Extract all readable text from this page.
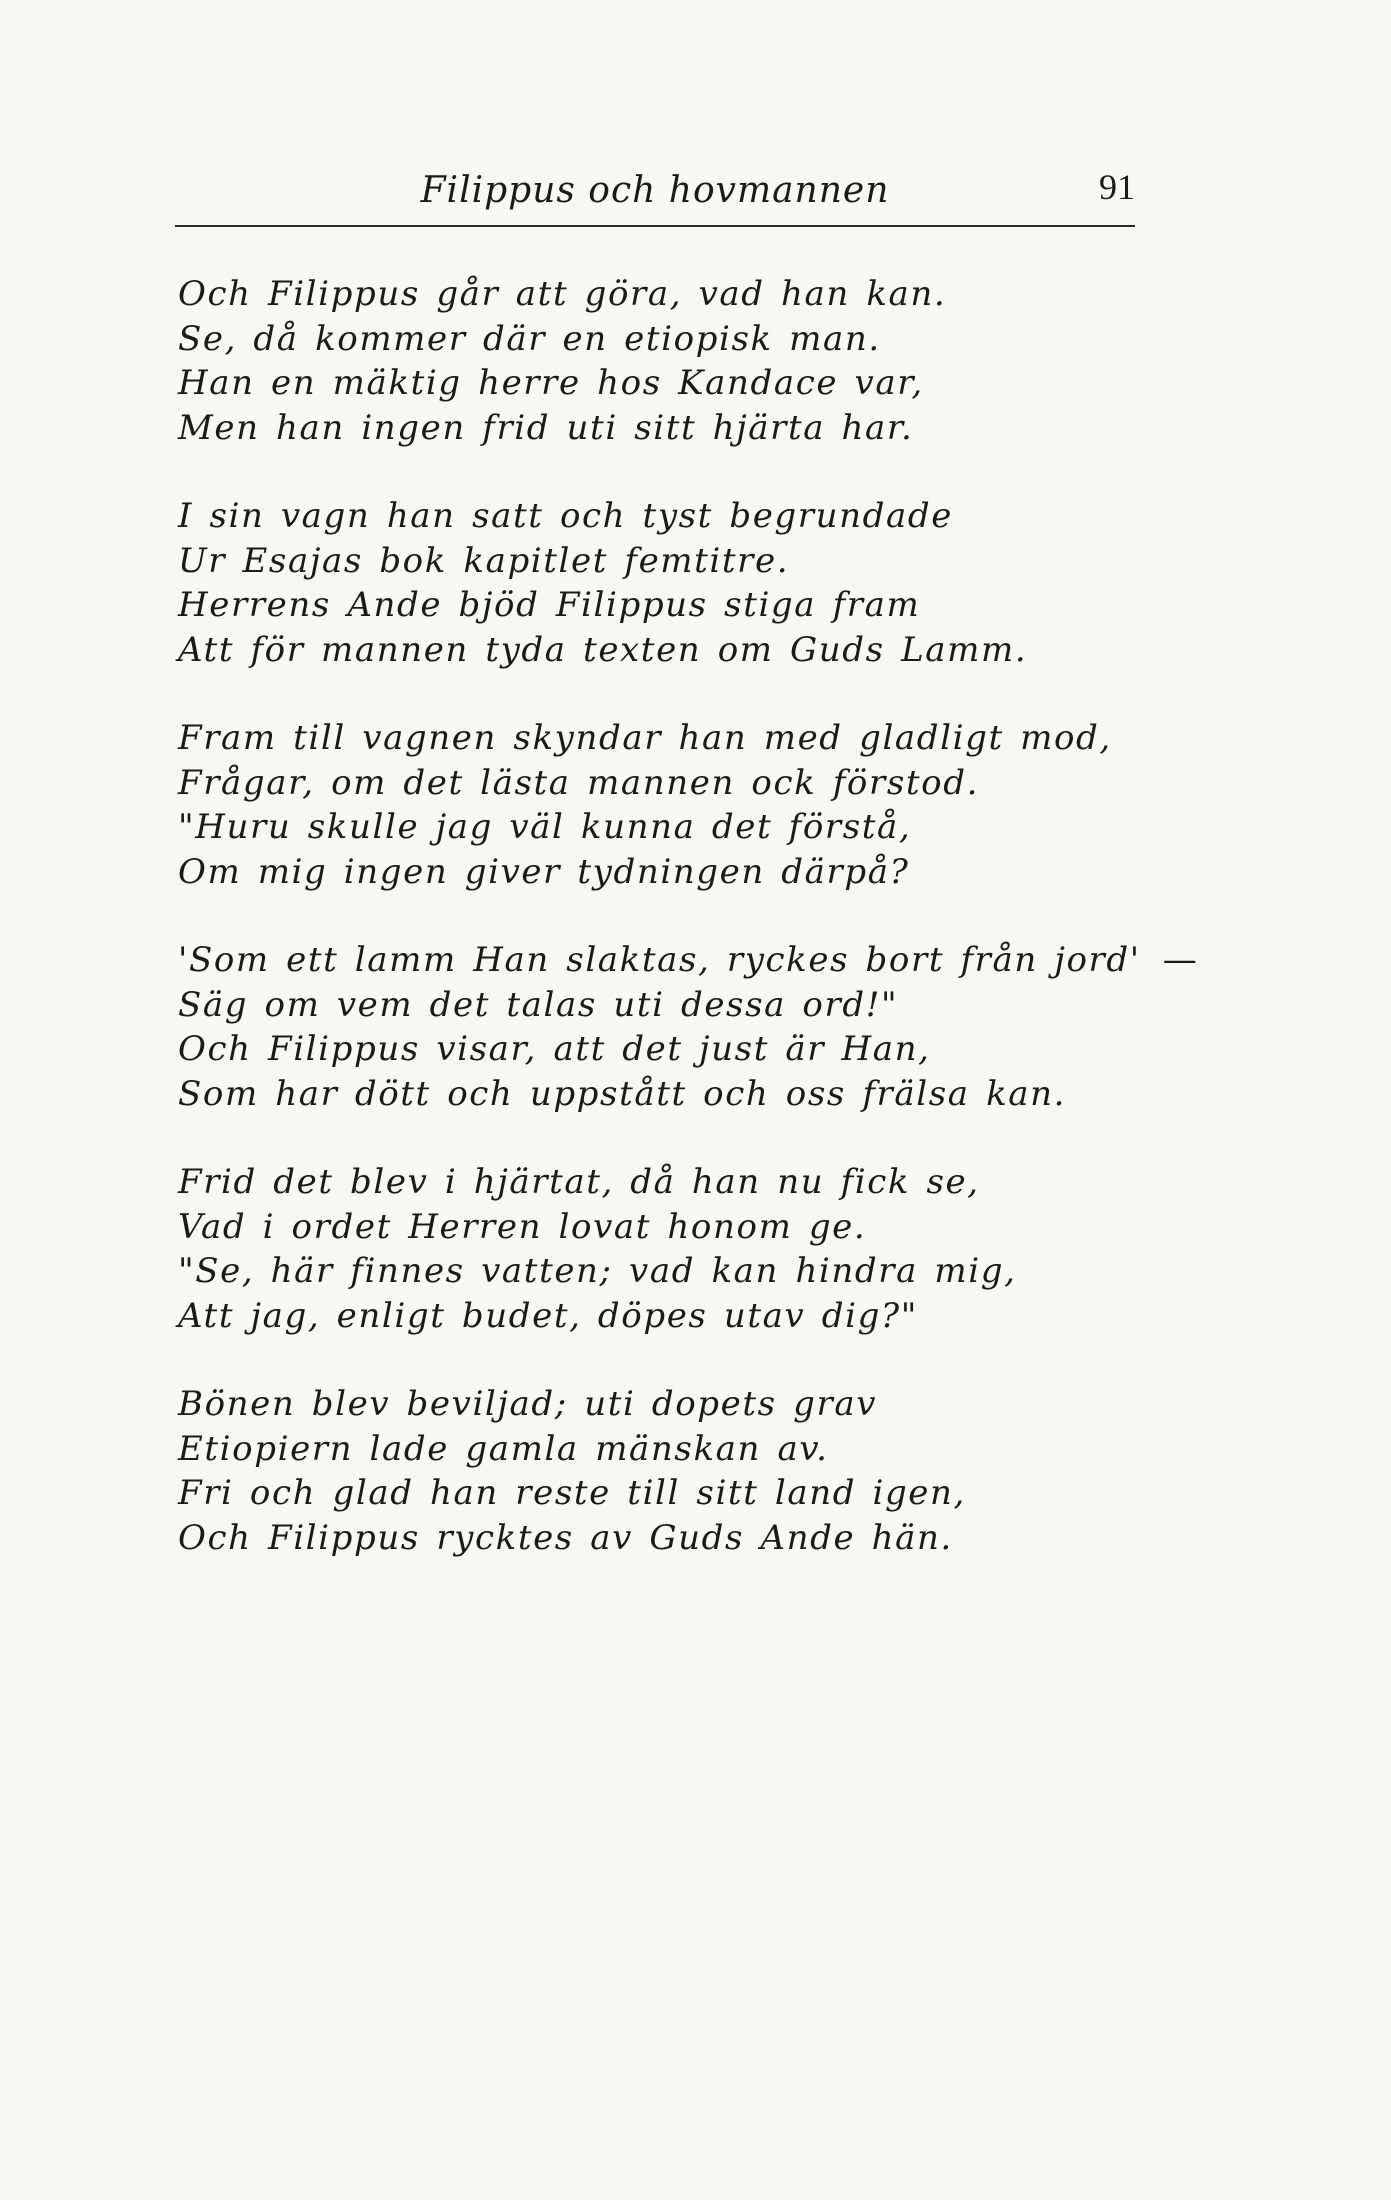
Filippus och hovmannen	91
Och Filippus går att göra, vad han kan.
Se, då kommer där en etiopisk man.
Han en mäktig herre hos Kandace var,
Men han ingen frid uti sitt hjärta har.
I sin vagn han satt och tyst begrundade
Ur Esajas bok kapitlet femtitre.
Herrens Ande bjöd Filippus stiga fram
Att för mannen tyda texten om Guds Lamm.
Fram till vagnen skyndar han med gladligt mod,
Frågar, om det lästa mannen ock förstod.
"Huru skulle jag väl kunna det förstå,
Om mig ingen giver tydningen därpå?
'Som ett lamm Han slaktas, ryckes bort från jord' —
Säg om vem det talas uti dessa ord!"
Och Filippus visar, att det just är Han,
Som har dött och uppstått och oss frälsa kan.
Frid det blev i hjärtat, då han nu fick se,
Vad i ordet Herren lovat honom ge.
"Se, här finnes vatten; vad kan hindra mig,
Att jag, enligt budet, döpes utav dig?"
Bönen blev beviljad; uti dopets grav
Etiopiern lade gamla mänskan av.
Fri och glad han reste till sitt land igen,
Och Filippus rycktes av Guds Ande hän.
